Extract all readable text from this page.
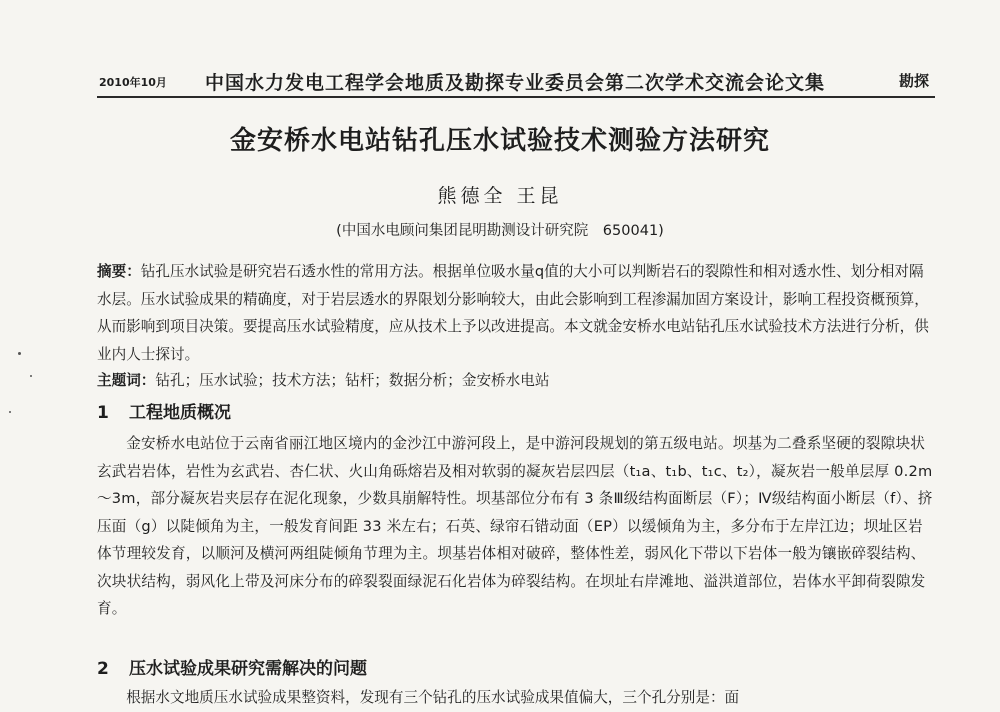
2010年10月 中国水力发电工程学会地质及勘探专业委员会第二次学术交流会论文集	勘探
金安桥水电站钻孔压水试验技术测验方法研究
熊德全 王昆
(中国水电顾问集团昆明勘测设计研究院　650041)
摘要：钻孔压水试验是研究岩石透水性的常用方法。根据单位吸水量q值的大小可以判断岩石的裂隙性和相对透水性、划分相对隔水层。压水试验成果的精确度，对于岩层透水的界限划分影响较大，由此会影响到工程渗漏加固方案设计，影响工程投资概预算，从而影响到项目决策。要提高压水试验精度，应从技术上予以改进提高。本文就金安桥水电站钻孔压水试验技术方法进行分析，供业内人士探讨。
主题词：钻孔；压水试验；技术方法；钻杆；数据分析；金安桥水电站
1 工程地质概况
金安桥水电站位于云南省丽江地区境内的金沙江中游河段上，是中游河段规划的第五级电站。坝基为二叠系坚硬的裂隙块状玄武岩岩体，岩性为玄武岩、杏仁状、火山角砾熔岩及相对软弱的凝灰岩层四层（t₁a、t₁b、t₁c、t₂），凝灰岩一般单层厚 0.2m～3m，部分凝灰岩夹层存在泥化现象，少数具崩解特性。坝基部位分布有 3 条Ⅲ级结构面断层（F）；Ⅳ级结构面小断层（f）、挤压面（g）以陡倾角为主，一般发育间距 33 米左右；石英、绿帘石错动面（EP）以缓倾角为主，多分布于左岸江边；坝址区岩体节理较发育，以顺河及横河两组陡倾角节理为主。坝基岩体相对破碎，整体性差，弱风化下带以下岩体一般为镶嵌碎裂结构、次块状结构，弱风化上带及河床分布的碎裂裂面绿泥石化岩体为碎裂结构。在坝址右岸滩地、溢洪道部位，岩体水平卸荷裂隙发育。
2 压水试验成果研究需解决的问题
根据水文地质压水试验成果整资料，发现有三个钻孔的压水试验成果值偏大，三个孔分别是：面
